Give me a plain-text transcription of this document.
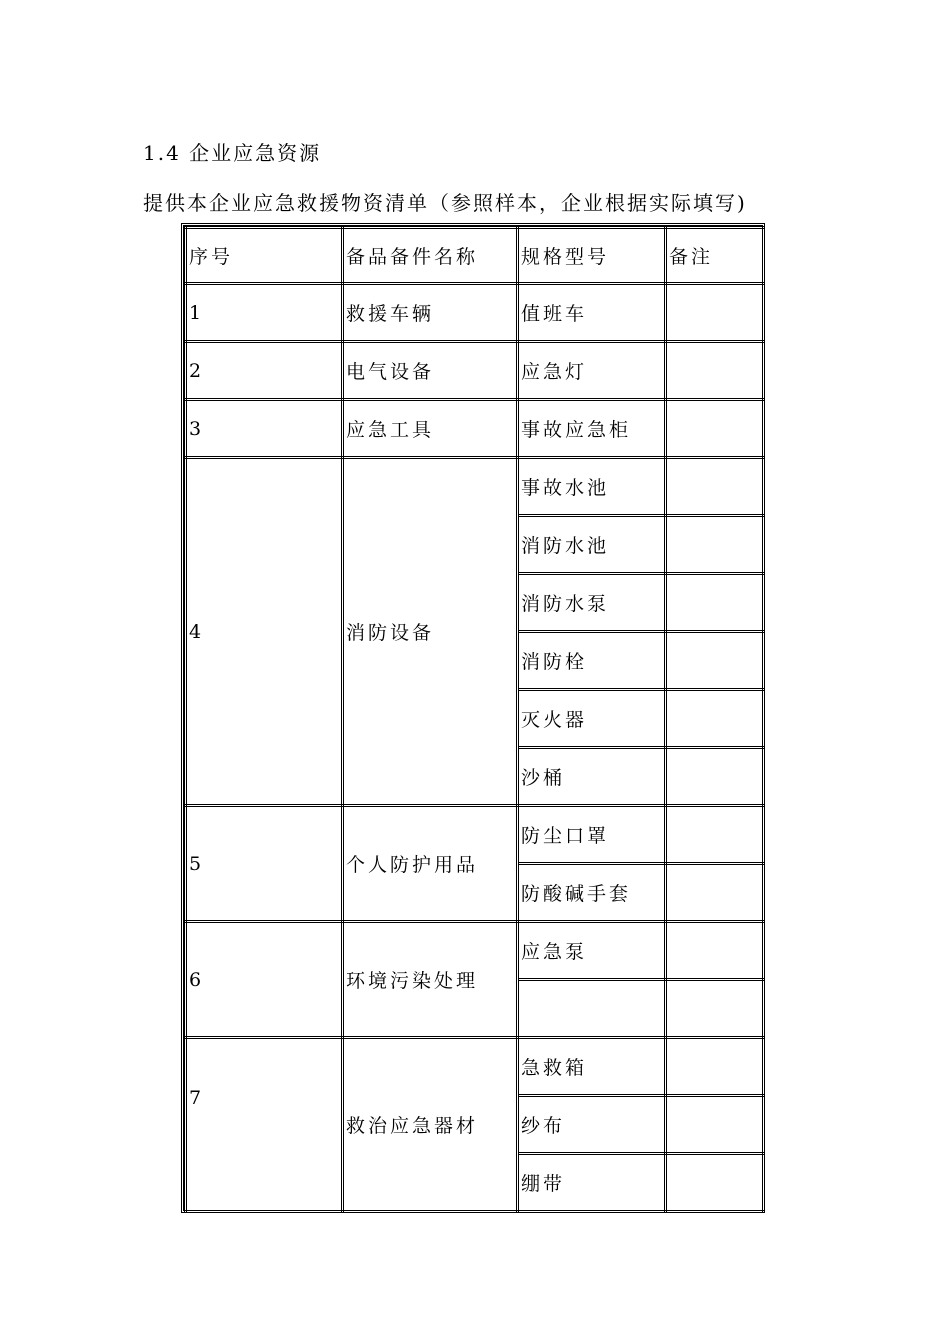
1.4 企业应急资源
提供本企业应急救援物资清单（参照样本，企业根据实际填写)
序号	备品备件名称	规格型号	备注
1	救援车辆	值班车	
2	电气设备	应急灯	
3	应急工具	事故应急柜	
4	消防设备	事故水池	
		消防水池	
		消防水泵	
		消防栓	
		灭火器	
		沙桶	
5	个人防护用品	防尘口罩	
		防酸碱手套	
6	环境污染处理	应急泵	

7	救治应急器材	急救箱	
		纱布	
		绷带	
